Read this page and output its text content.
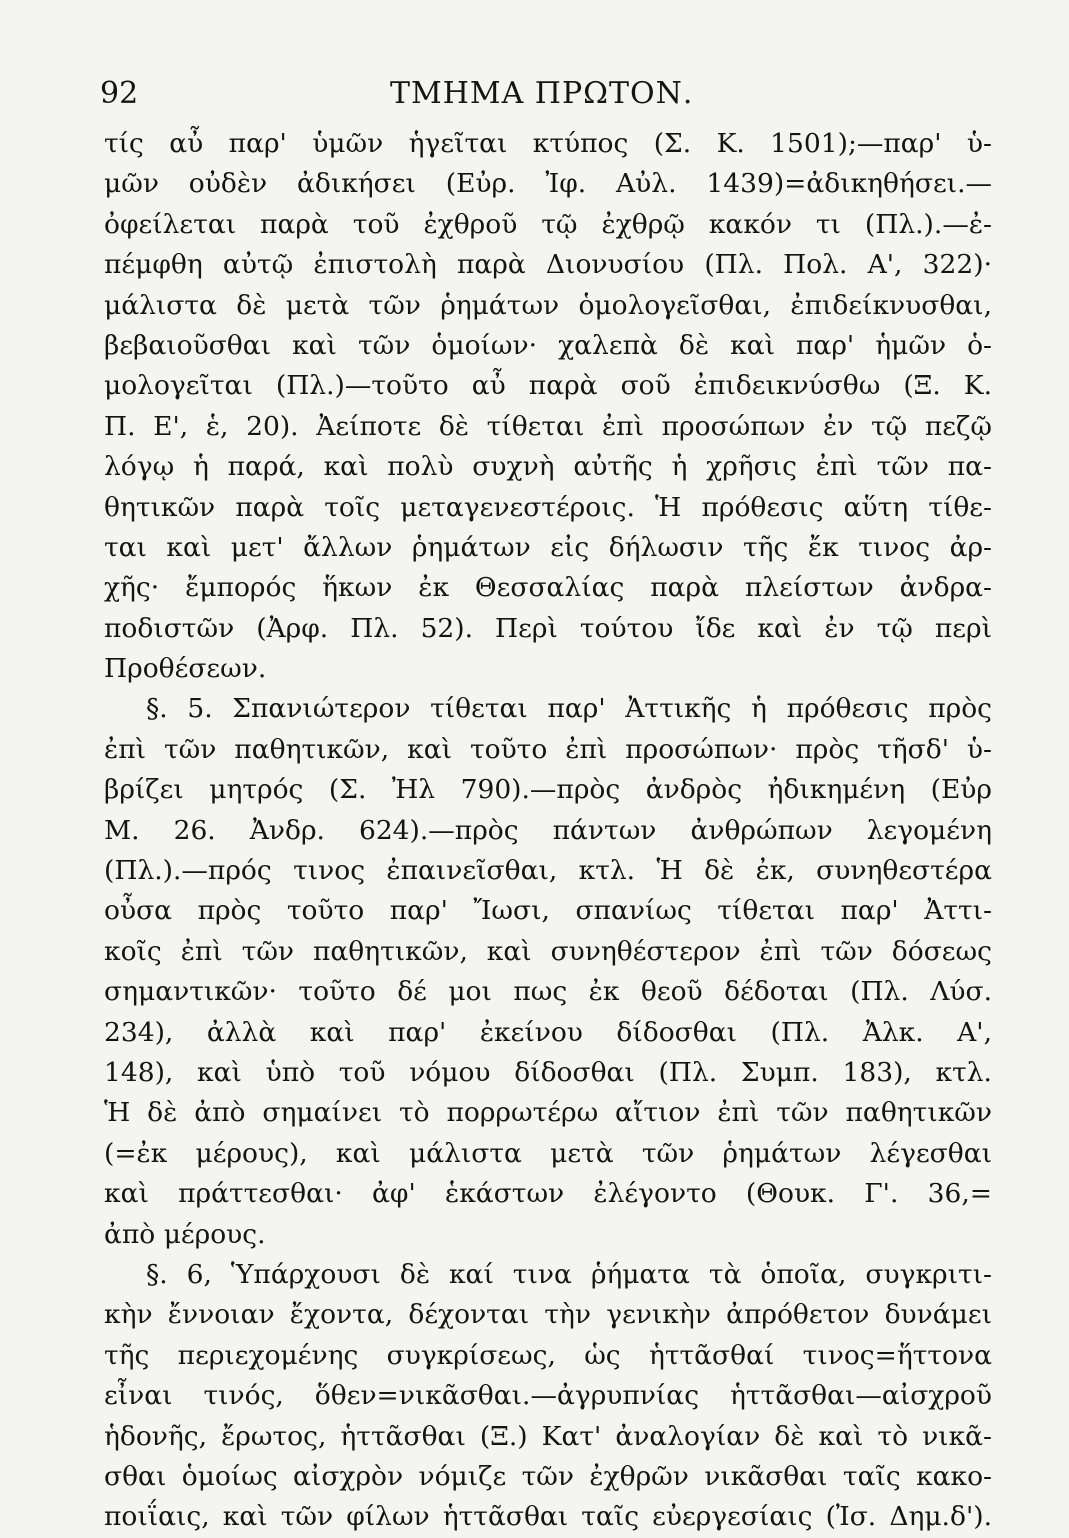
92	ΤΜΗΜΑ ΠΡΩΤΟΝ.
τίς αὖ παρ' ὑμῶν ἡγεῖται κτύπος (Σ. Κ. 1501);—παρ' ὑ-
μῶν οὐδὲν ἀδικήσει (Εὐρ. Ἰφ. Αὐλ. 1439)=ἀδικηθήσει.—
ὀφείλεται παρὰ τοῦ ἐχθροῦ τῷ ἐχθρῷ κακόν τι (Πλ.).—ἐ-
πέμφθη αὐτῷ ἐπιστολὴ παρὰ Διονυσίου (Πλ. Πολ. Α', 322)·
μάλιστα δὲ μετὰ τῶν ῥημάτων ὁμολογεῖσθαι, ἐπιδείκνυσθαι,
βεβαιοῦσθαι καὶ τῶν ὁμοίων· χαλεπὰ δὲ καὶ παρ' ἡμῶν ὁ-
μολογεῖται (Πλ.)—τοῦτο αὖ παρὰ σοῦ ἐπιδεικνύσθω (Ξ. Κ.
Π. Ε', ἑ, 20). Ἀείποτε δὲ τίθεται ἐπὶ προσώπων ἐν τῷ πεζῷ
λόγῳ ἡ παρά, καὶ πολὺ συχνὴ αὐτῆς ἡ χρῆσις ἐπὶ τῶν πα-
θητικῶν παρὰ τοῖς μεταγενεστέροις. Ἡ πρόθεσις αὕτη τίθε-
ται καὶ μετ' ἄλλων ῥημάτων εἰς δήλωσιν τῆς ἔκ τινος ἀρ-
χῆς· ἔμπορός ἥκων ἐκ Θεσσαλίας παρὰ πλείστων ἀνδρα-
ποδιστῶν (Ἀρφ. Πλ. 52). Περὶ τούτου ἴδε καὶ ἐν τῷ περὶ
Προθέσεων.
§. 5. Σπανιώτερον τίθεται παρ' Ἀττικῆς ἡ πρόθεσις πρὸς
ἐπὶ τῶν παθητικῶν, καὶ τοῦτο ἐπὶ προσώπων· πρὸς τῆσδ' ὑ-
βρίζει μητρός (Σ. Ἠλ 790).—πρὸς ἀνδρὸς ἠδικημένη (Εὐρ
Μ. 26. Ἀνδρ. 624).—πρὸς πάντων ἀνθρώπων λεγομένη
(Πλ.).—πρός τινος ἐπαινεῖσθαι, κτλ. Ἡ δὲ ἐκ, συνηθεστέρα
οὖσα πρὸς τοῦτο παρ' Ἴωσι, σπανίως τίθεται παρ' Ἀττι-
κοῖς ἐπὶ τῶν παθητικῶν, καὶ συνηθέστερον ἐπὶ τῶν δόσεως
σημαντικῶν· τοῦτο δέ μοι πως ἐκ θεοῦ δέδοται (Πλ. Λύσ.
234), ἀλλὰ καὶ παρ' ἐκείνου δίδοσθαι (Πλ. Ἀλκ. Α',
148), καὶ ὑπὸ τοῦ νόμου δίδοσθαι (Πλ. Συμπ. 183), κτλ.
Ἡ δὲ ἀπὸ σημαίνει τὸ πορρωτέρω αἴτιον ἐπὶ τῶν παθητικῶν
(=ἐκ μέρους), καὶ μάλιστα μετὰ τῶν ῥημάτων λέγεσθαι
καὶ πράττεσθαι· ἀφ' ἑκάστων ἐλέγοντο (Θουκ. Γ'. 36,=
ἀπὸ μέρους.
§. 6, Ὑπάρχουσι δὲ καί τινα ῥήματα τὰ ὁποῖα, συγκριτι-
κὴν ἔννοιαν ἔχοντα, δέχονται τὴν γενικὴν ἀπρόθετον δυνάμει
τῆς περιεχομένης συγκρίσεως, ὡς ἡττᾶσθαί τινος=ἥττονα
εἶναι τινός, ὅθεν=νικᾶσθαι.—ἀγρυπνίας ἡττᾶσθαι—αἰσχροῦ
ἡδονῆς, ἔρωτος, ἡττᾶσθαι (Ξ.) Κατ' ἀναλογίαν δὲ καὶ τὸ νικᾶ-
σθαι ὁμοίως αἰσχρὸν νόμιζε τῶν ἐχθρῶν νικᾶσθαι ταῖς κακο-
ποιΐαις, καὶ τῶν φίλων ἡττᾶσθαι ταῖς εὐεργεσίαις (Ἰσ. Δημ.δ').
